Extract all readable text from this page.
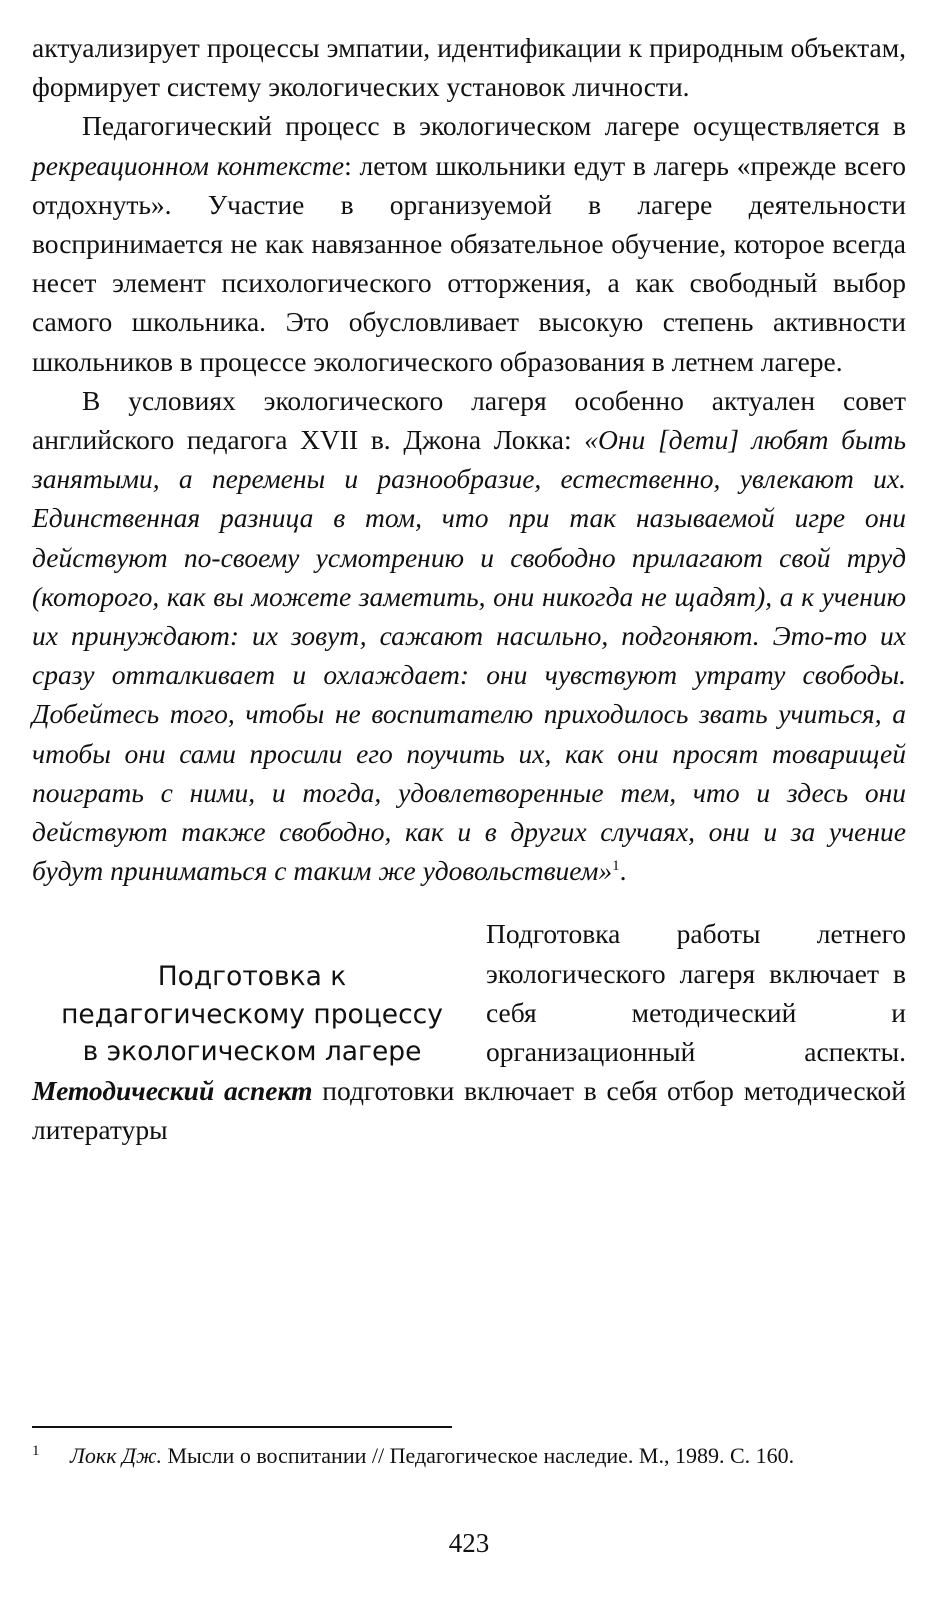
актуализирует процессы эмпатии, идентификации к природным объектам, формирует систему экологических установок личности.

Педагогический процесс в экологическом лагере осуществляется в рекреационном контексте: летом школьники едут в лагерь «прежде всего отдохнуть». Участие в организуемой в лагере деятельности воспринимается не как навязанное обязательное обучение, которое всегда несет элемент психологического отторжения, а как свободный выбор самого школьника. Это обусловливает высокую степень активности школьников в процессе экологического образования в летнем лагере.

В условиях экологического лагеря особенно актуален совет английского педагога XVII в. Джона Локка: «Они [дети] любят быть занятыми, а перемены и разнообразие, естественно, увлекают их. Единственная разница в том, что при так называемой игре они действуют по-своему усмотрению и свободно прилагают свой труд (которого, как вы можете заметить, они никогда не щадят), а к учению их принуждают: их зовут, сажают насильно, подгоняют. Это-то их сразу отталкивает и охлаждает: они чувствуют утрату свободы. Добейтесь того, чтобы не воспитателю приходилось звать учиться, а чтобы они сами просили его поучить их, как они просят товарищей поиграть с ними, и тогда, удовлетворенные тем, что и здесь они действуют также свободно, как и в других случаях, они и за учение будут приниматься с таким же удовольствием»$^1$.

Подготовка к
педагогическому процессу
в экологическом лагере

Подготовка работы летнего экологического лагеря включает в себя методический и организационный аспекты. Методический аспект подготовки включает в себя отбор методической литературы

1 Локк Дж. Мысли о воспитании // Педагогическое наследие. М., 1989. С. 160.
423
